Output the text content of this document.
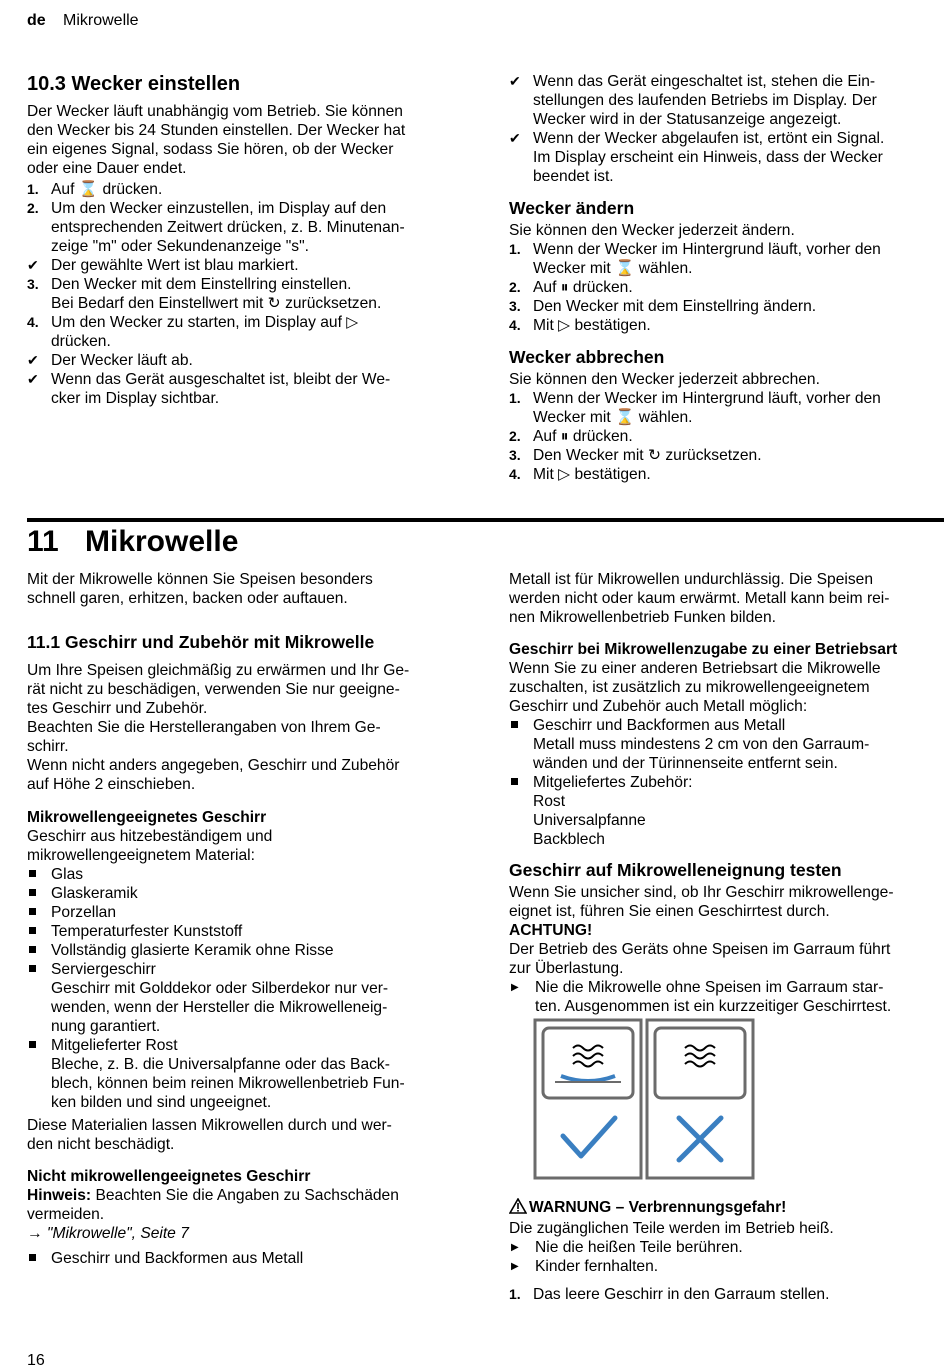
de Mikrowelle
10.3 Wecker einstellen
Der Wecker läuft unabhängig vom Betrieb. Sie können
den Wecker bis 24 Stunden einstellen. Der Wecker hat
ein eigenes Signal, sodass Sie hören, ob der Wecker
oder eine Dauer endet.
1. Auf ⌛ drücken.
2. Um den Wecker einzustellen, im Display auf den
entsprechenden Zeitwert drücken, z. B. Minutenan-
zeige "m" oder Sekundenanzeige "s".
✔ Der gewählte Wert ist blau markiert.
3. Den Wecker mit dem Einstellring einstellen.
Bei Bedarf den Einstellwert mit ↻ zurücksetzen.
4. Um den Wecker zu starten, im Display auf ▷
drücken.
✔ Der Wecker läuft ab.
✔ Wenn das Gerät ausgeschaltet ist, bleibt der We-
cker im Display sichtbar.
✔ Wenn das Gerät eingeschaltet ist, stehen die Ein-
stellungen des laufenden Betriebs im Display. Der
Wecker wird in der Statusanzeige angezeigt.
✔ Wenn der Wecker abgelaufen ist, ertönt ein Signal.
Im Display erscheint ein Hinweis, dass der Wecker
beendet ist.
Wecker ändern

Sie können den Wecker jederzeit ändern.

1. Wenn der Wecker im Hintergrund läuft, vorher den
Wecker mit ⌛ wählen.
2. Auf ⏸ drücken.
3. Den Wecker mit dem Einstellring ändern.
4. Mit ▷ bestätigen.
Wecker abbrechen

Sie können den Wecker jederzeit abbrechen.

1. Wenn der Wecker im Hintergrund läuft, vorher den
Wecker mit ⌛ wählen.
2. Auf ⏸ drücken.
3. Den Wecker mit ↻ zurücksetzen.
4. Mit ▷ bestätigen.
11 Mikrowelle
Mit der Mikrowelle können Sie Speisen besonders
schnell garen, erhitzen, backen oder auftauen.
11.1 Geschirr und Zubehör mit Mikrowelle
Um Ihre Speisen gleichmäßig zu erwärmen und Ihr Ge-
rät nicht zu beschädigen, verwenden Sie nur geeigne-
tes Geschirr und Zubehör.
Beachten Sie die Herstellerangaben von Ihrem Ge-
schirr.
Wenn nicht anders angegeben, Geschirr und Zubehör
auf Höhe 2 einschieben.
Mikrowellengeeignetes Geschirr
Geschirr aus hitzebeständigem und
mikrowellengeeignetem Material:
Glas
Glaskeramik
Porzellan
Temperaturfester Kunststoff
Vollständig glasierte Keramik ohne Risse
Serviergeschirr
Geschirr mit Golddekor oder Silberdekor nur ver-
wenden, wenn der Hersteller die Mikrowelleneig-
nung garantiert.
Mitgelieferter Rost
Bleche, z. B. die Universalpfanne oder das Back-
blech, können beim reinen Mikrowellenbetrieb Fun-
ken bilden und sind ungeeignet.
Diese Materialien lassen Mikrowellen durch und wer-
den nicht beschädigt.
Nicht mikrowellengeeignetes Geschirr

Hinweis: Beachten Sie die Angaben zu Sachschäden

vermeiden.

→ "Mikrowelle", Seite 7

Geschirr und Backformen aus Metall
Metall ist für Mikrowellen undurchlässig. Die Speisen
werden nicht oder kaum erwärmt. Metall kann beim rei-
nen Mikrowellenbetrieb Funken bilden.
Geschirr bei Mikrowellenzugabe zu einer Betriebsart
Wenn Sie zu einer anderen Betriebsart die Mikrowelle
zuschalten, ist zusätzlich zu mikrowellengeeignetem
Geschirr und Zubehör auch Metall möglich:
Geschirr und Backformen aus Metall
Metall muss mindestens 2 cm von den Garraum-
wänden und der Türinnenseite entfernt sein.
Mitgeliefertes Zubehör:
Rost
Universalpfanne
Backblech
Geschirr auf Mikrowelleneignung testen
Wenn Sie unsicher sind, ob Ihr Geschirr mikrowellenge-
eignet ist, führen Sie einen Geschirrtest durch.
ACHTUNG!
Der Betrieb des Geräts ohne Speisen im Garraum führt
zur Überlastung.
▶	Nie die Mikrowelle ohne Speisen im Garraum star-
ten. Ausgenommen ist ein kurzzeitiger Geschirrtest.
WARNUNG – Verbrennungsgefahr!

Die zugänglichen Teile werden im Betrieb heiß.

▶	Nie die heißen Teile berühren.
▶	Kinder fernhalten.
1. Das leere Geschirr in den Garraum stellen.
16
